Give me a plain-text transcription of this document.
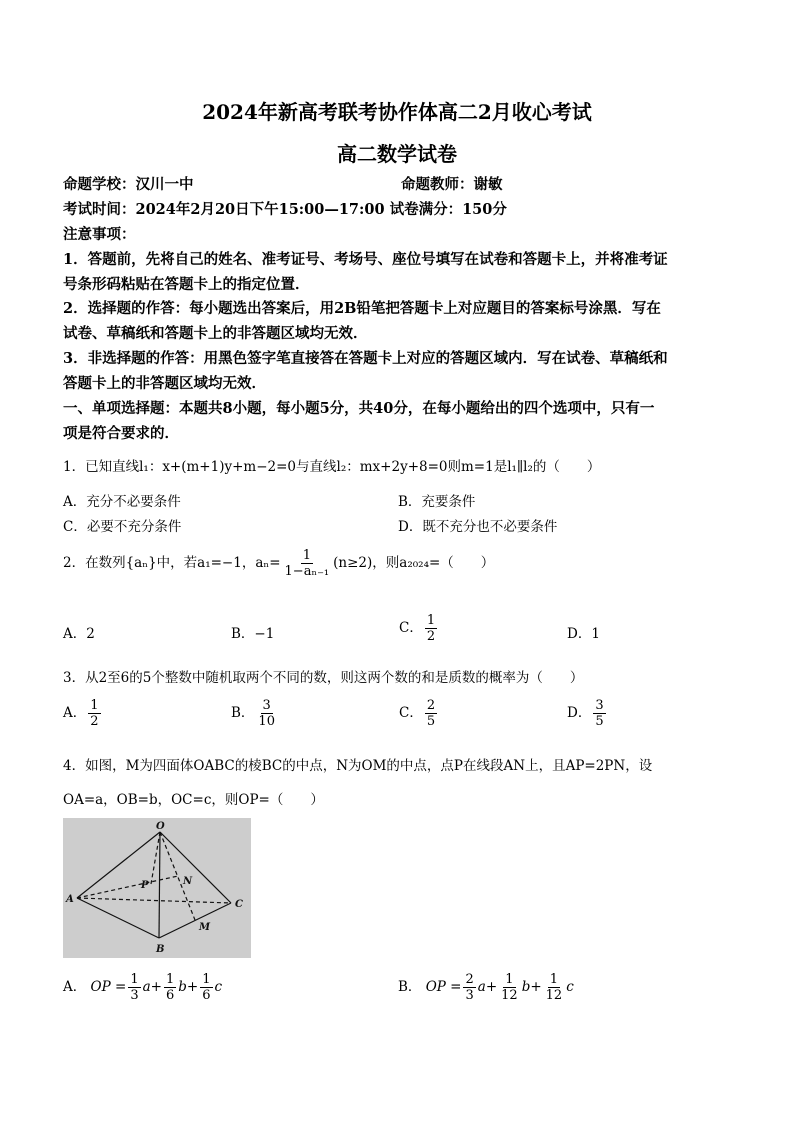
2024年新高考联考协作体高二2月收心考试
高二数学试卷
命题学校：汉川一中	命题教师：谢敏
考试时间：2024年2月20日下午15:00—17:00 试卷满分：150分
注意事项：
1．答题前，先将自己的姓名、准考证号、考场号、座位号填写在试卷和答题卡上，并将准考证
号条形码粘贴在答题卡上的指定位置．
2．选择题的作答：每小题选出答案后，用2B铅笔把答题卡上对应题目的答案标号涂黑．写在
试卷、草稿纸和答题卡上的非答题区域均无效．
3．非选择题的作答：用黑色签字笔直接答在答题卡上对应的答题区域内．写在试卷、草稿纸和
答题卡上的非答题区域均无效．
一、单项选择题：本题共8小题，每小题5分，共40分，在每小题给出的四个选项中，只有一
项是符合要求的．
1．已知直线l₁：x+(m+1)y+m−2=0与直线l₂：mx+2y+8=0则m=1是l₁∥l₂的（　　）
A．充分不必要条件	B．充要条件
C．必要不充分条件	D．既不充分也不必要条件
2．在数列{aₙ}中，若a₁=−1，$a_n= \frac{1}{\text{1−aₙ₋₁}} (n\ge 2)$，则a₂₀₂₄=（　　）
A．2	B．−1	C． $\frac{1}{2}$	D．1
3．从2至6的5个整数中随机取两个不同的数，则这两个数的和是质数的概率为（　　）
A． $\frac{1}{2}$	B． $\frac{3}{10}$	C． $\frac{2}{5}$	D． $\frac{3}{5}$
4．如图，M为四面体OABC的棱BC的中点，N为OM的中点，点P在线段AN上，且AP=2PN，设
OA=a，OB=b，OC=c，则OP=（　　）
O
A
B
C
M
N
P
A． OP = $\frac{1}{3} a+ \frac{1}{6} b+ \frac{1}{6}$ c	B． OP = $\frac{2}{3} a+ \frac{1}{12} b+ \frac{1}{12}$ c
